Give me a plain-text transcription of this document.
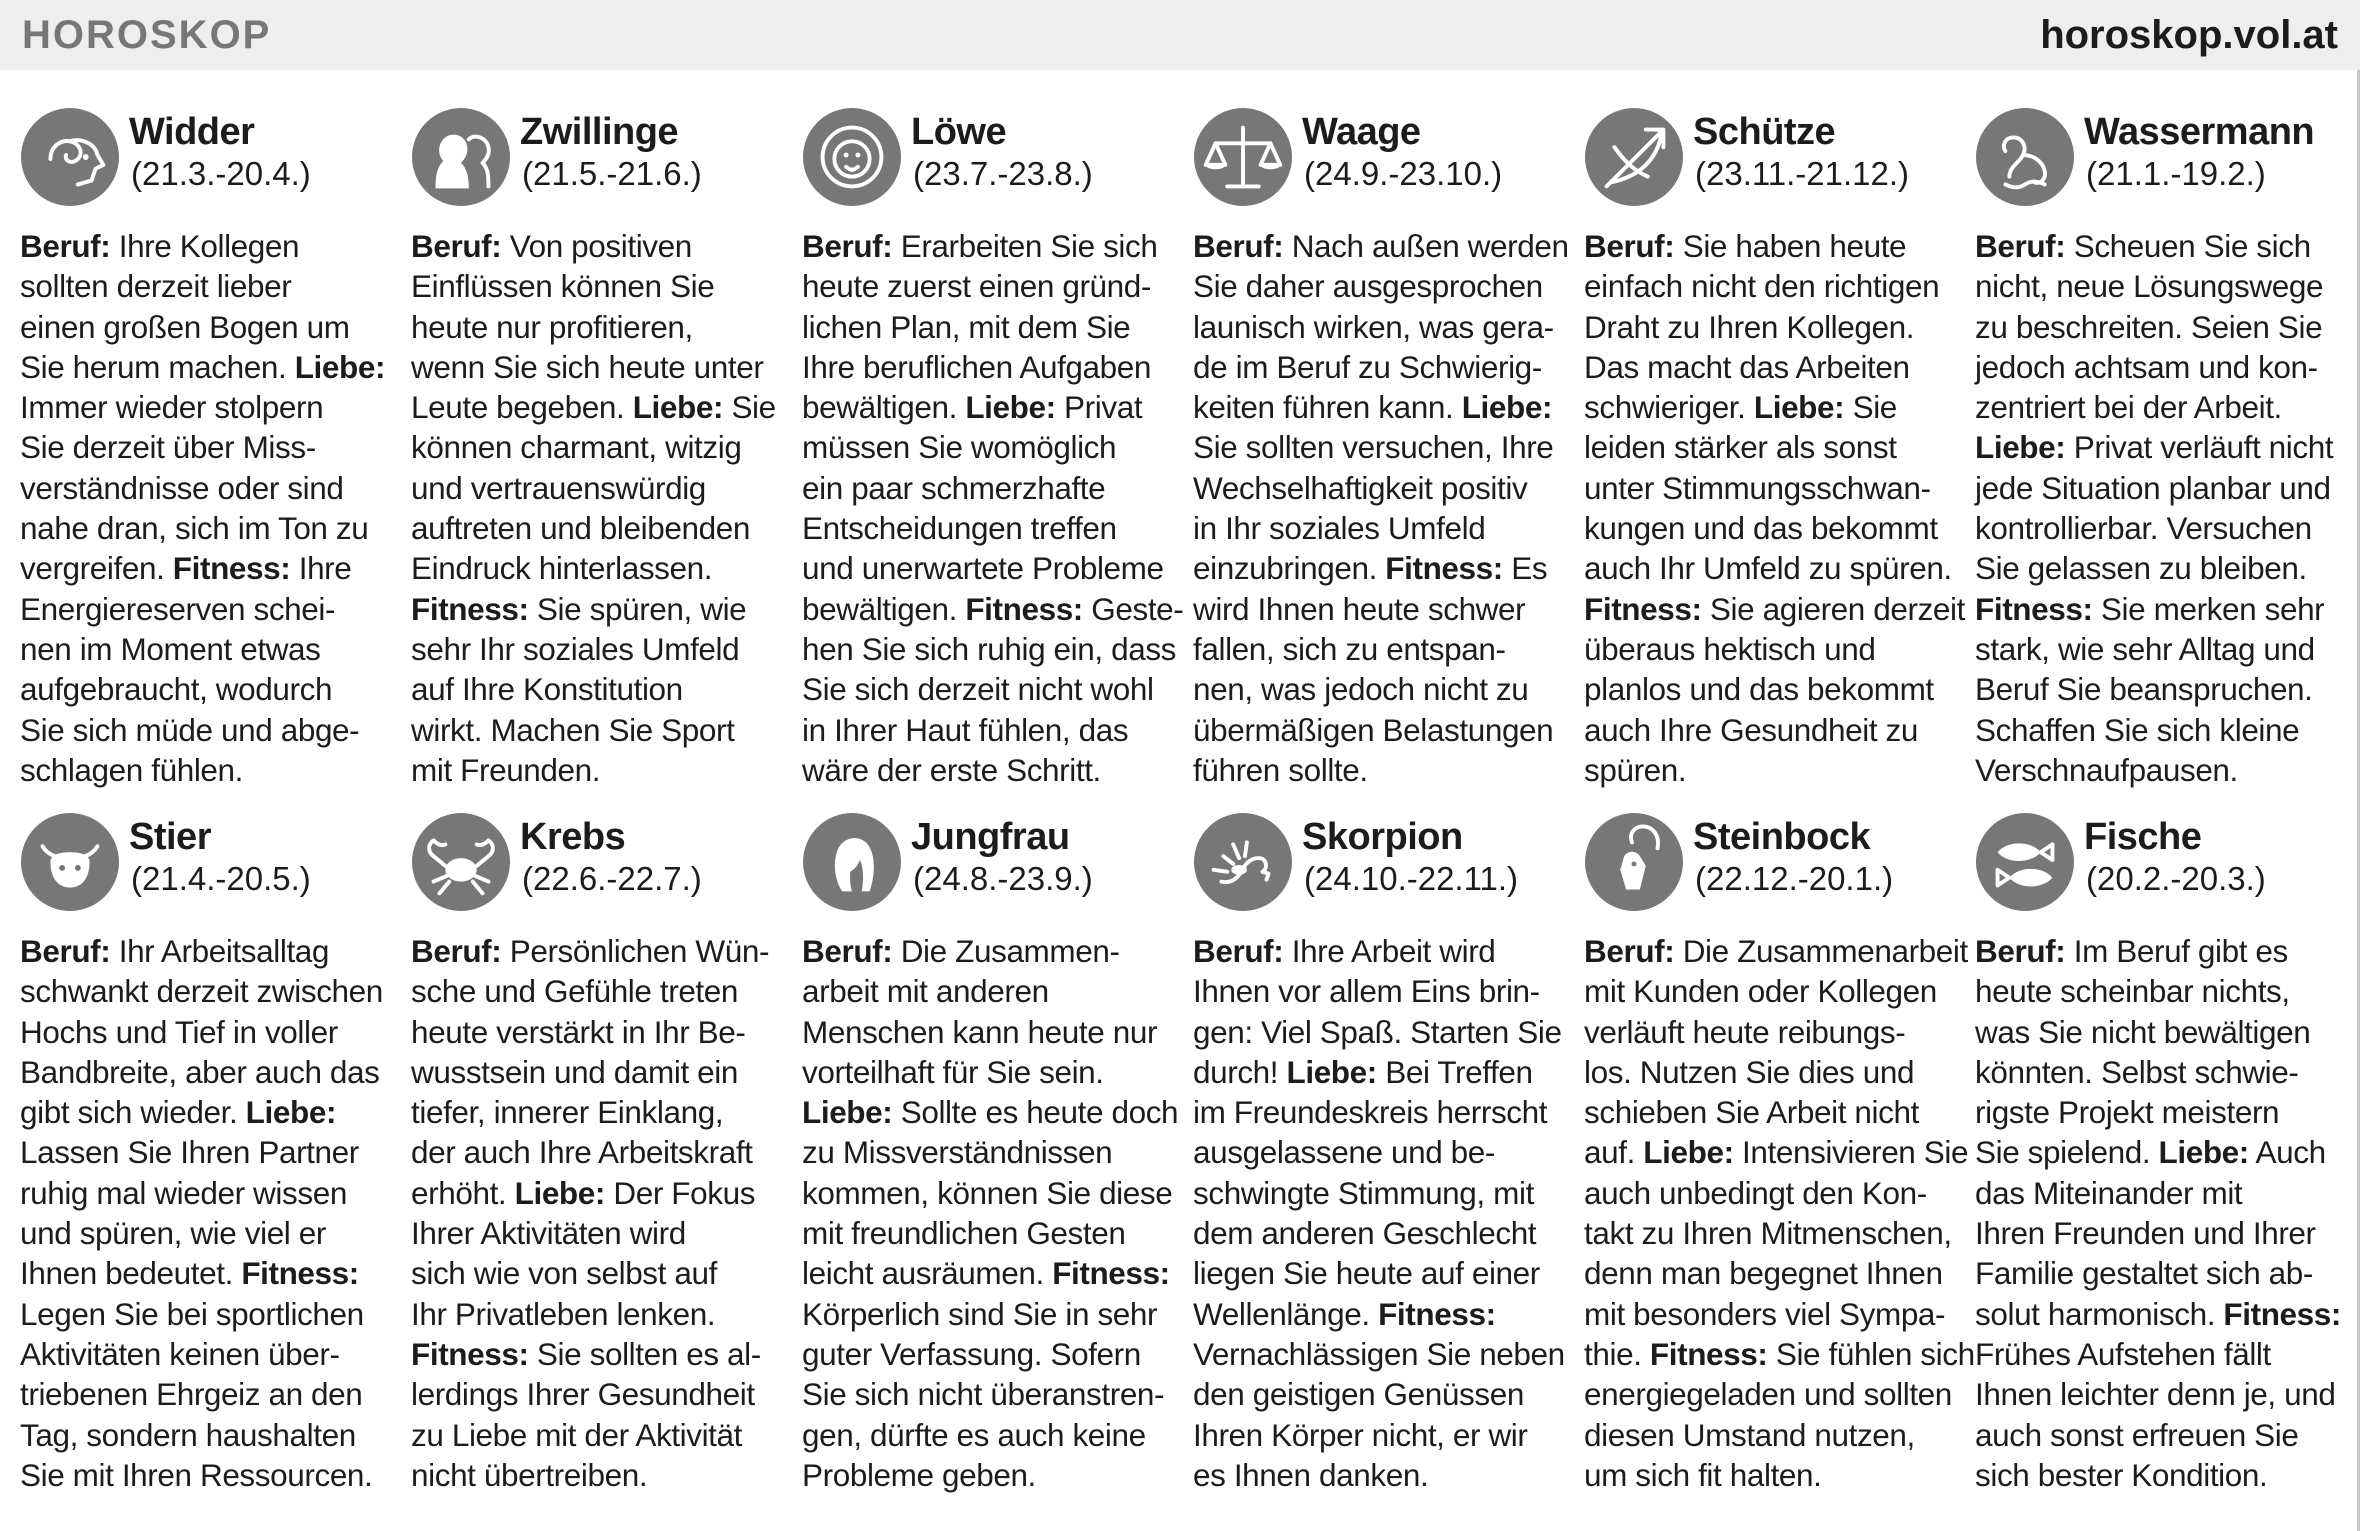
HOROSKOP	horoskop.vol.at
Widder
(21.3.-20.4.)
Beruf: Ihre Kollegen
sollten derzeit lieber
einen großen Bogen um
Sie herum machen. Liebe:
Immer wieder stolpern
Sie derzeit über Miss-
verständnisse oder sind
nahe dran, sich im Ton zu
vergreifen. Fitness: Ihre
Energiereserven schei-
nen im Moment etwas
aufgebraucht, wodurch
Sie sich müde und abge-
schlagen fühlen.
Zwillinge
(21.5.-21.6.)
Beruf: Von positiven
Einflüssen können Sie
heute nur profitieren,
wenn Sie sich heute unter
Leute begeben. Liebe: Sie
können charmant, witzig
und vertrauenswürdig
auftreten und bleibenden
Eindruck hinterlassen.
Fitness: Sie spüren, wie
sehr Ihr soziales Umfeld
auf Ihre Konstitution
wirkt. Machen Sie Sport
mit Freunden.
Löwe
(23.7.-23.8.)
Beruf: Erarbeiten Sie sich
heute zuerst einen gründ-
lichen Plan, mit dem Sie
Ihre beruflichen Aufgaben
bewältigen. Liebe: Privat
müssen Sie womöglich
ein paar schmerzhafte
Entscheidungen treffen
und unerwartete Probleme
bewältigen. Fitness: Geste-
hen Sie sich ruhig ein, dass
Sie sich derzeit nicht wohl
in Ihrer Haut fühlen, das
wäre der erste Schritt.
Waage
(24.9.-23.10.)
Beruf: Nach außen werden
Sie daher ausgesprochen
launisch wirken, was gera-
de im Beruf zu Schwierig-
keiten führen kann. Liebe:
Sie sollten versuchen, Ihre
Wechselhaftigkeit positiv
in Ihr soziales Umfeld
einzubringen. Fitness: Es
wird Ihnen heute schwer
fallen, sich zu entspan-
nen, was jedoch nicht zu
übermäßigen Belastungen
führen sollte.
Schütze
(23.11.-21.12.)
Beruf: Sie haben heute
einfach nicht den richtigen
Draht zu Ihren Kollegen.
Das macht das Arbeiten
schwieriger. Liebe: Sie
leiden stärker als sonst
unter Stimmungsschwan-
kungen und das bekommt
auch Ihr Umfeld zu spüren.
Fitness: Sie agieren derzeit
überaus hektisch und
planlos und das bekommt
auch Ihre Gesundheit zu
spüren.
Wassermann
(21.1.-19.2.)
Beruf: Scheuen Sie sich
nicht, neue Lösungswege
zu beschreiten. Seien Sie
jedoch achtsam und kon-
zentriert bei der Arbeit.
Liebe: Privat verläuft nicht
jede Situation planbar und
kontrollierbar. Versuchen
Sie gelassen zu bleiben.
Fitness: Sie merken sehr
stark, wie sehr Alltag und
Beruf Sie beanspruchen.
Schaffen Sie sich kleine
Verschnaufpausen.
Stier
(21.4.-20.5.)
Beruf: Ihr Arbeitsalltag
schwankt derzeit zwischen
Hochs und Tief in voller
Bandbreite, aber auch das
gibt sich wieder. Liebe:
Lassen Sie Ihren Partner
ruhig mal wieder wissen
und spüren, wie viel er
Ihnen bedeutet. Fitness:
Legen Sie bei sportlichen
Aktivitäten keinen über-
triebenen Ehrgeiz an den
Tag, sondern haushalten
Sie mit Ihren Ressourcen.
Krebs
(22.6.-22.7.)
Beruf: Persönlichen Wün-
sche und Gefühle treten
heute verstärkt in Ihr Be-
wusstsein und damit ein
tiefer, innerer Einklang,
der auch Ihre Arbeitskraft
erhöht. Liebe: Der Fokus
Ihrer Aktivitäten wird
sich wie von selbst auf
Ihr Privatleben lenken.
Fitness: Sie sollten es al-
lerdings Ihrer Gesundheit
zu Liebe mit der Aktivität
nicht übertreiben.
Jungfrau
(24.8.-23.9.)
Beruf: Die Zusammen-
arbeit mit anderen
Menschen kann heute nur
vorteilhaft für Sie sein.
Liebe: Sollte es heute doch
zu Missverständnissen
kommen, können Sie diese
mit freundlichen Gesten
leicht ausräumen. Fitness:
Körperlich sind Sie in sehr
guter Verfassung. Sofern
Sie sich nicht überanstren-
gen, dürfte es auch keine
Probleme geben.
Skorpion
(24.10.-22.11.)
Beruf: Ihre Arbeit wird
Ihnen vor allem Eins brin-
gen: Viel Spaß. Starten Sie
durch! Liebe: Bei Treffen
im Freundeskreis herrscht
ausgelassene und be-
schwingte Stimmung, mit
dem anderen Geschlecht
liegen Sie heute auf einer
Wellenlänge. Fitness:
Vernachlässigen Sie neben
den geistigen Genüssen
Ihren Körper nicht, er wir
es Ihnen danken.
Steinbock
(22.12.-20.1.)
Beruf: Die Zusammenarbeit
mit Kunden oder Kollegen
verläuft heute reibungs-
los. Nutzen Sie dies und
schieben Sie Arbeit nicht
auf. Liebe: Intensivieren Sie
auch unbedingt den Kon-
takt zu Ihren Mitmenschen,
denn man begegnet Ihnen
mit besonders viel Sympa-
thie. Fitness: Sie fühlen sich
energiegeladen und sollten
diesen Umstand nutzen,
um sich fit halten.
Fische
(20.2.-20.3.)
Beruf: Im Beruf gibt es
heute scheinbar nichts,
was Sie nicht bewältigen
könnten. Selbst schwie-
rigste Projekt meistern
Sie spielend. Liebe: Auch
das Miteinander mit
Ihren Freunden und Ihrer
Familie gestaltet sich ab-
solut harmonisch. Fitness:
Frühes Aufstehen fällt
Ihnen leichter denn je, und
auch sonst erfreuen Sie
sich bester Kondition.
